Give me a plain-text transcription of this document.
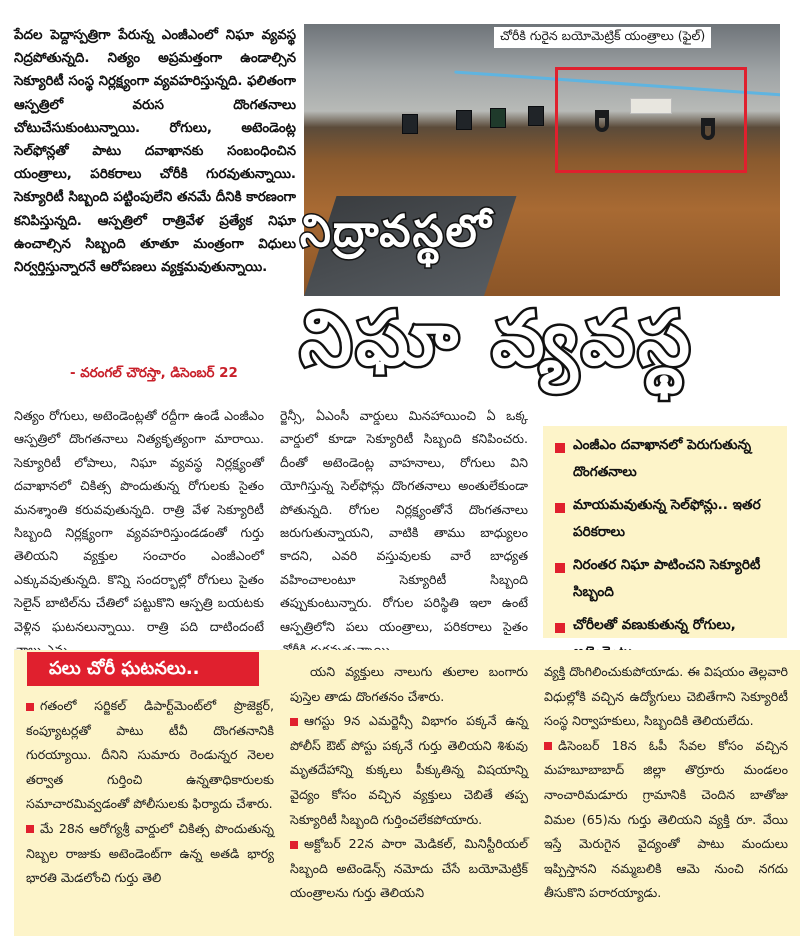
పేదల పెద్దాస్పత్రిగా పేరున్న ఎంజీఎంలో నిఘా వ్యవస్థ నిద్రపోతున్నది. నిత్యం అప్రమత్తంగా ఉండాల్సిన సెక్యూరిటీ సంస్థ నిర్లక్ష్యంగా వ్యవహరిస్తున్నది. ఫలితంగా ఆస్పత్రిలో వరుస దొంగతనాలు చోటుచేసుకుంటున్నాయి. రోగులు, అటెండెంట్ల సెల్‌ఫోన్లతో పాటు దవాఖానకు సంబంధించిన యంత్రాలు, పరికరాలు చోరీకి గురవుతున్నాయి. సెక్యూరిటీ సిబ్బంది పట్టింపులేని తనమే దీనికి కారణంగా కనిపిస్తున్నది. ఆస్పత్రిలో రాత్రివేళ ప్రత్యేక నిఘా ఉంచాల్సిన సిబ్బంది తూతూ మంత్రంగా విధులు నిర్వర్తిస్తున్నారనే ఆరోపణలు వ్యక్తమవుతున్నాయి.
- వరంగల్ చౌరస్తా, డిసెంబర్ 22
చోరీకి గురైన బయోమెట్రిక్ యంత్రాలు (ఫైల్)
నిద్రావస్థలో
నిఘా వ్యవస్థ
నిత్యం రోగులు, అటెండెంట్లతో రద్దీగా ఉండే ఎంజీఎం ఆస్పత్రిలో దొంగతనాలు నిత్యకృత్యంగా మారాయి. సెక్యూరిటీ లోపాలు, నిఘా వ్యవస్థ నిర్లక్ష్యంతో దవాఖానలో చికిత్స పొందుతున్న రోగులకు సైతం మనశ్శాంతి కరువవుతున్నది. రాత్రి వేళ సెక్యూరిటీ సిబ్బంది నిర్లక్ష్యంగా వ్యవహరిస్తుండడంతో గుర్తు తెలియని వ్యక్తుల సంచారం ఎంజీఎంలో ఎక్కువవుతున్నది. కొన్ని సందర్భాల్లో రోగులు సైతం సెలైన్ బాటిల్‌ను చేతిలో పట్టుకొని ఆస్పత్రి బయటకు వెళ్లిన ఘటనలున్నాయి. రాత్రి పది దాటిందంటే
ర్జెన్సీ, ఏఎంసీ వార్డులు మినహాయించి ఏ ఒక్క వార్డులో కూడా సెక్యూరిటీ సిబ్బంది కనిపించరు. దీంతో అటెండెంట్ల వాహనాలు, రోగులు విని యోగిస్తున్న సెల్‌ఫోన్లు దొంగతనాలు అంతులేకుండా పోతున్నది. రోగుల నిర్లక్ష్యంతోనే దొంగతనాలు జరుగుతున్నాయని, వాటికి తాము బాధ్యులం కాదని, ఎవరి వస్తువులకు వారే బాధ్యత వహించాలంటూ సెక్యూరిటీ సిబ్బంది తప్పుకుంటున్నారు. రోగుల పరిస్థితి ఇలా ఉంటే ఆస్పత్రిలోని పలు యంత్రాలు, పరికరాలు సైతం
ఎంజీఎం దవాఖానలో పెరుగుతున్న దొంగతనాలు
మాయమవుతున్న సెల్‌ఫోన్లు.. ఇతర పరికరాలు
నిరంతర నిఘా పాటించని సెక్యూరిటీ సిబ్బంది
చోరీలతో వణుకుతున్న రోగులు,
పలు చోరీ ఘటనలు..
గతంలో సర్జికల్ డిపార్ట్‌మెంట్‌లో ప్రొజెక్టర్, కంప్యూటర్లతో పాటు టీవీ దొంగతనానికి గురయ్యాయి. దీనిని సుమారు రెండున్నర నెలల తర్వాత గుర్తించి ఉన్నతాధికారులకు సమాచారమివ్వడంతో పోలీసులకు ఫిర్యాదు చేశారు.
మే 28న ఆరోగ్యశ్రీ వార్డులో చికిత్స పొందుతున్న నిబ్బల రాజుకు అటెండెంట్‌గా ఉన్న అతడి భార్య భారతి మెడలోంచి గుర్తు తెలి
యని వ్యక్తులు నాలుగు తులాల బంగారు పుస్తెల తాడు దొంగతనం చేశారు.
ఆగస్టు 9న ఎమర్జెన్సీ విభాగం పక్కనే ఉన్న పోలీస్ ఔట్ పోస్టు పక్కనే గుర్తు తెలియని శిశువు మృతదేహాన్ని కుక్కలు పీక్కుతిన్న విషయాన్ని వైద్యం కోసం వచ్చిన వ్యక్తులు చెబితే తప్ప సెక్యూరిటీ సిబ్బంది గుర్తించలేకపోయారు.
అక్టోబర్ 22న పారా మెడికల్, మినిస్టీరియల్ సిబ్బంది అటెండెన్స్ నమోదు చేసే బయోమెట్రిక్ యంత్రాలను గుర్తు తెలియని
వ్యక్తి దొంగిలించుకుపోయాడు. ఈ విషయం తెల్లవారి విధుల్లోకి వచ్చిన ఉద్యోగులు చెబితేగాని సెక్యూరిటీ సంస్థ నిర్వాహకులు, సిబ్బందికి తెలియలేదు.
డిసెంబర్ 18న ఓపీ సేవల కోసం వచ్చిన మహబూబాబాద్ జిల్లా తొర్రూరు మండలం నాంచారిమడూరు గ్రామానికి చెందిన బాతోజు విమల (65)ను గుర్తు తెలియని వ్యక్తి రూ. వేయి ఇస్తే మెరుగైన వైద్యంతో పాటు మందులు ఇప్పిస్తానని నమ్మబలికి ఆమె నుంచి నగదు తీసుకొని పరారయ్యాడు.
